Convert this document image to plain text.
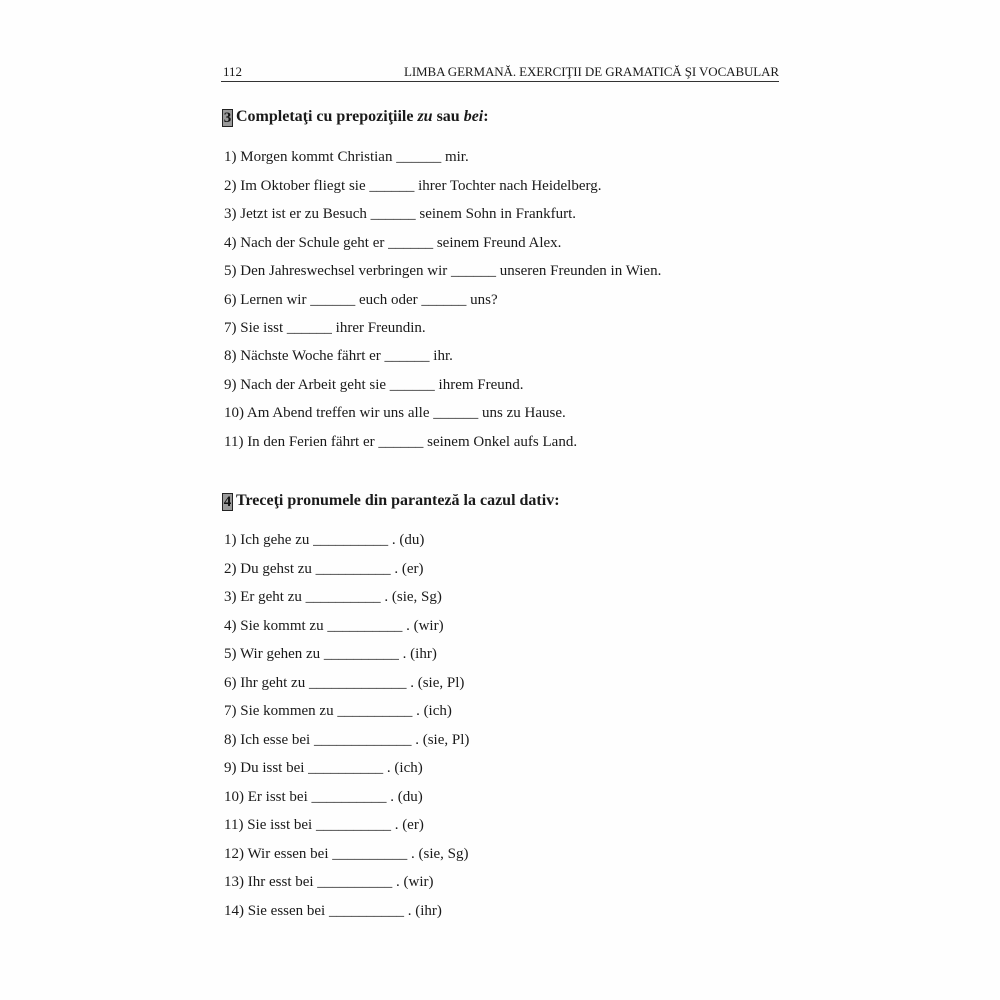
112	LIMBA GERMANĂ. EXERCIŢII DE GRAMATICĂ ŞI VOCABULAR
3 Completaţi cu prepoziţiile zu sau bei:
1) Morgen kommt Christian ______ mir.
2) Im Oktober fliegt sie ______ ihrer Tochter nach Heidelberg.
3) Jetzt ist er zu Besuch ______ seinem Sohn in Frankfurt.
4) Nach der Schule geht er ______ seinem Freund Alex.
5) Den Jahreswechsel verbringen wir ______ unseren Freunden in Wien.
6) Lernen wir ______ euch oder ______ uns?
7) Sie isst ______ ihrer Freundin.
8) Nächste Woche fährt er ______ ihr.
9) Nach der Arbeit geht sie ______ ihrem Freund.
10) Am Abend treffen wir uns alle ______ uns zu Hause.
11) In den Ferien fährt er ______ seinem Onkel aufs Land.
4 Treceţi pronumele din paranteză la cazul dativ:
1) Ich gehe zu __________ . (du)
2) Du gehst zu __________ . (er)
3) Er geht zu __________ . (sie, Sg)
4) Sie kommt zu __________ . (wir)
5) Wir gehen zu __________ . (ihr)
6) Ihr geht zu _____________ . (sie, Pl)
7) Sie kommen zu __________ . (ich)
8) Ich esse bei _____________ . (sie, Pl)
9) Du isst bei __________ . (ich)
10) Er isst bei __________ . (du)
11) Sie isst bei __________ . (er)
12) Wir essen bei __________ . (sie, Sg)
13) Ihr esst bei __________ . (wir)
14) Sie essen bei __________ . (ihr)
